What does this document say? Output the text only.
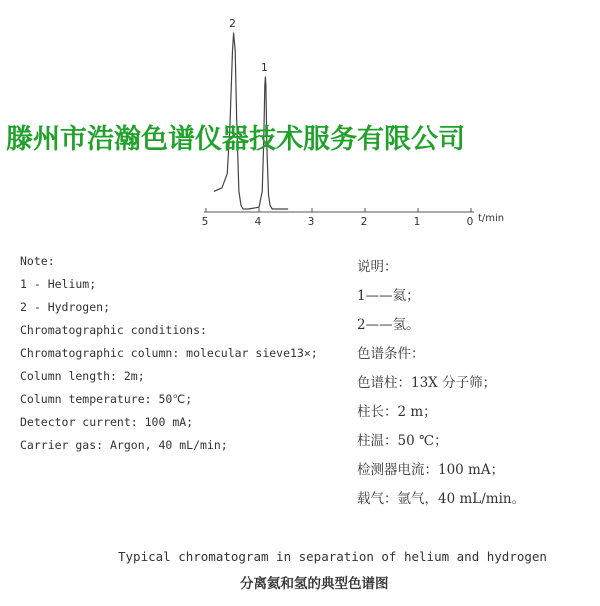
5	4	3	2	1	0 t/min
2
1
滕州市浩瀚色谱仪器技术服务有限公司
Note:
1 - Helium;
2 - Hydrogen;
Chromatographic conditions:
Chromatographic column: molecular sieve13×;
Column length: 2m;
Column temperature: 50℃;
Detector current: 100 mA;
Carrier gas: Argon, 40 mL/min;
说明：
1——氦；
2——氢。
色谱条件：
色谱柱：13X 分子筛；
柱长：2 m；
柱温：50 ℃；
检测器电流：100 mA；
载气：氩气，40 mL/min。
Typical chromatogram in separation of helium and hydrogen
分离氦和氢的典型色谱图
